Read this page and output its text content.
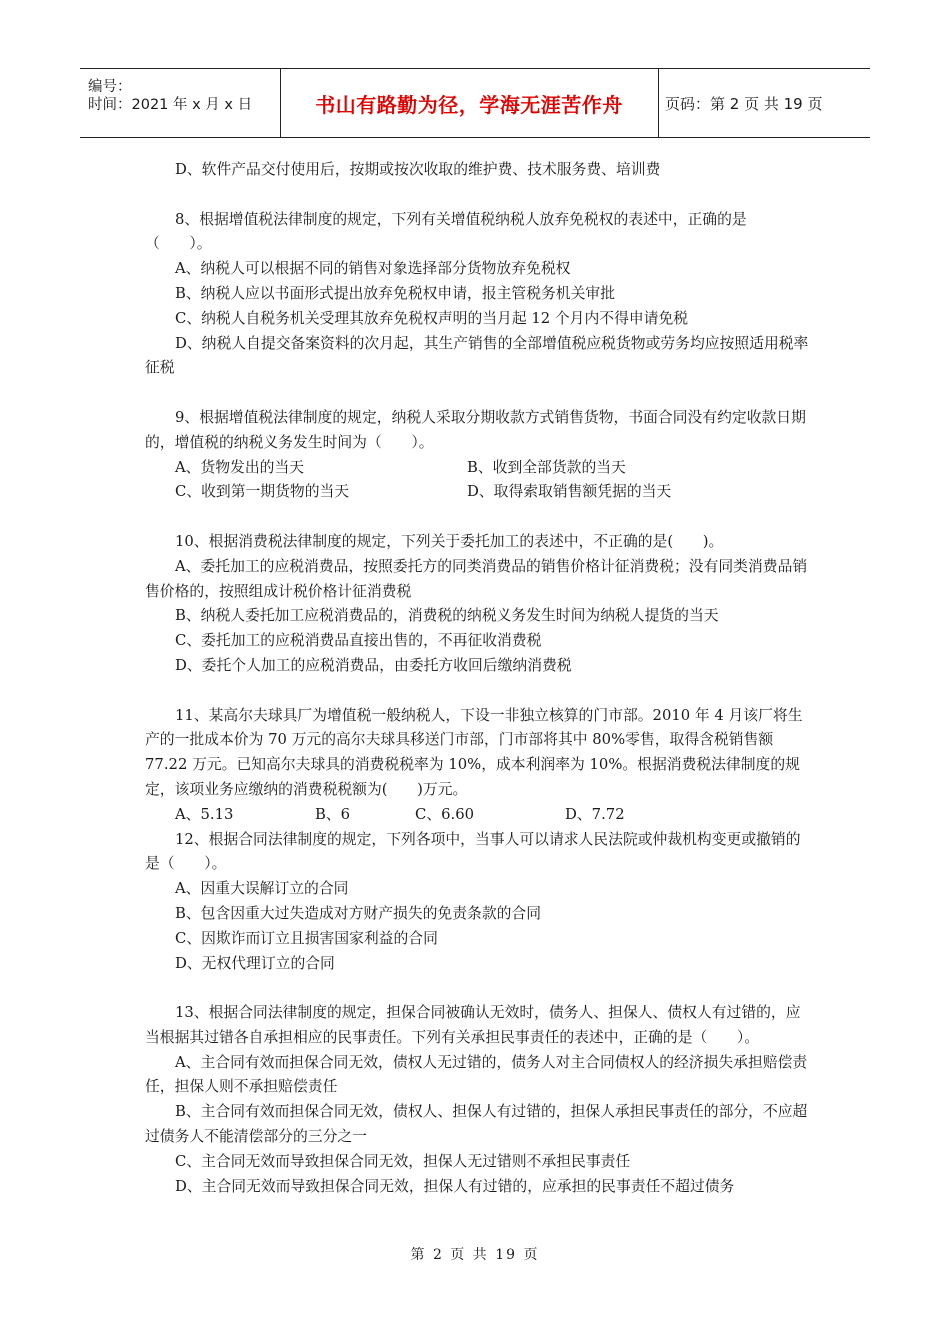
编号：
时间：2021 年 x 月 x 日	书山有路勤为径，学海无涯苦作舟	页码：第 2 页 共 19 页

D、软件产品交付使用后，按期或按次收取的维护费、技术服务费、培训费

8、根据增值税法律制度的规定，下列有关增值税纳税人放弃免税权的表述中，正确的是（　　）。

A、纳税人可以根据不同的销售对象选择部分货物放弃免税权

B、纳税人应以书面形式提出放弃免税权申请，报主管税务机关审批

C、纳税人自税务机关受理其放弃免税权声明的当月起 12 个月内不得申请免税

D、纳税人自提交备案资料的次月起，其生产销售的全部增值税应税货物或劳务均应按照适用税率征税

9、根据增值税法律制度的规定，纳税人采取分期收款方式销售货物，书面合同没有约定收款日期的，增值税的纳税义务发生时间为（　　）。

A、货物发出的当天	B、收到全部货款的当天
C、收到第一期货物的当天	D、取得索取销售额凭据的当天

10、根据消费税法律制度的规定，下列关于委托加工的表述中，不正确的是(　　)。

A、委托加工的应税消费品，按照委托方的同类消费品的销售价格计征消费税；没有同类消费品销售价格的，按照组成计税价格计征消费税

B、纳税人委托加工应税消费品的，消费税的纳税义务发生时间为纳税人提货的当天

C、委托加工的应税消费品直接出售的，不再征收消费税

D、委托个人加工的应税消费品，由委托方收回后缴纳消费税

11、某高尔夫球具厂为增值税一般纳税人，下设一非独立核算的门市部。2010 年 4 月该厂将生产的一批成本价为 70 万元的高尔夫球具移送门市部，门市部将其中 80%零售，取得含税销售额 77.22 万元。已知高尔夫球具的消费税税率为 10%，成本利润率为 10%。根据消费税法律制度的规定，该项业务应缴纳的消费税税额为(　　)万元。

A、5.13	B、6	C、6.60	D、7.72

12、根据合同法律制度的规定，下列各项中，当事人可以请求人民法院或仲裁机构变更或撤销的是（　　）。

A、因重大误解订立的合同

B、包含因重大过失造成对方财产损失的免责条款的合同

C、因欺诈而订立且损害国家利益的合同

D、无权代理订立的合同

13、根据合同法律制度的规定，担保合同被确认无效时，债务人、担保人、债权人有过错的，应当根据其过错各自承担相应的民事责任。下列有关承担民事责任的表述中，正确的是（　　）。

A、主合同有效而担保合同无效，债权人无过错的，债务人对主合同债权人的经济损失承担赔偿责任，担保人则不承担赔偿责任

B、主合同有效而担保合同无效，债权人、担保人有过错的，担保人承担民事责任的部分，不应超过债务人不能清偿部分的三分之一

C、主合同无效而导致担保合同无效，担保人无过错则不承担民事责任

D、主合同无效而导致担保合同无效，担保人有过错的，应承担的民事责任不超过债务

第 2 页 共 19 页
